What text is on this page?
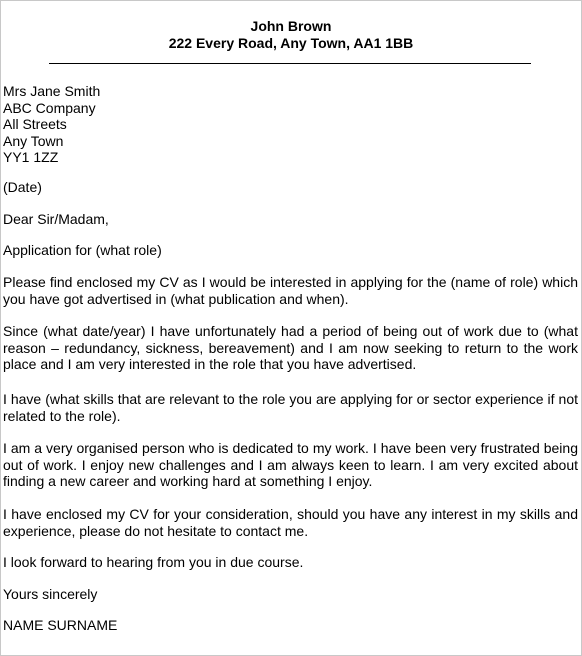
John Brown
222 Every Road, Any Town, AA1 1BB
Mrs Jane Smith
ABC Company
All Streets
Any Town
YY1 1ZZ
(Date)
Dear Sir/Madam,
Application for (what role)
Please find enclosed my CV as I would be interested in applying for the (name of role) which you have got advertised in (what publication and when).
Since (what date/year) I have unfortunately had a period of being out of work due to (what reason – redundancy, sickness, bereavement) and I am now seeking to return to the work place and I am very interested in the role that you have advertised.
I have (what skills that are relevant to the role you are applying for or sector experience if not related to the role).
I am a very organised person who is dedicated to my work. I have been very frustrated being out of work. I enjoy new challenges and I am always keen to learn. I am very excited about finding a new career and working hard at something I enjoy.
I have enclosed my CV for your consideration, should you have any interest in my skills and experience, please do not hesitate to contact me.
I look forward to hearing from you in due course.
Yours sincerely
NAME SURNAME
